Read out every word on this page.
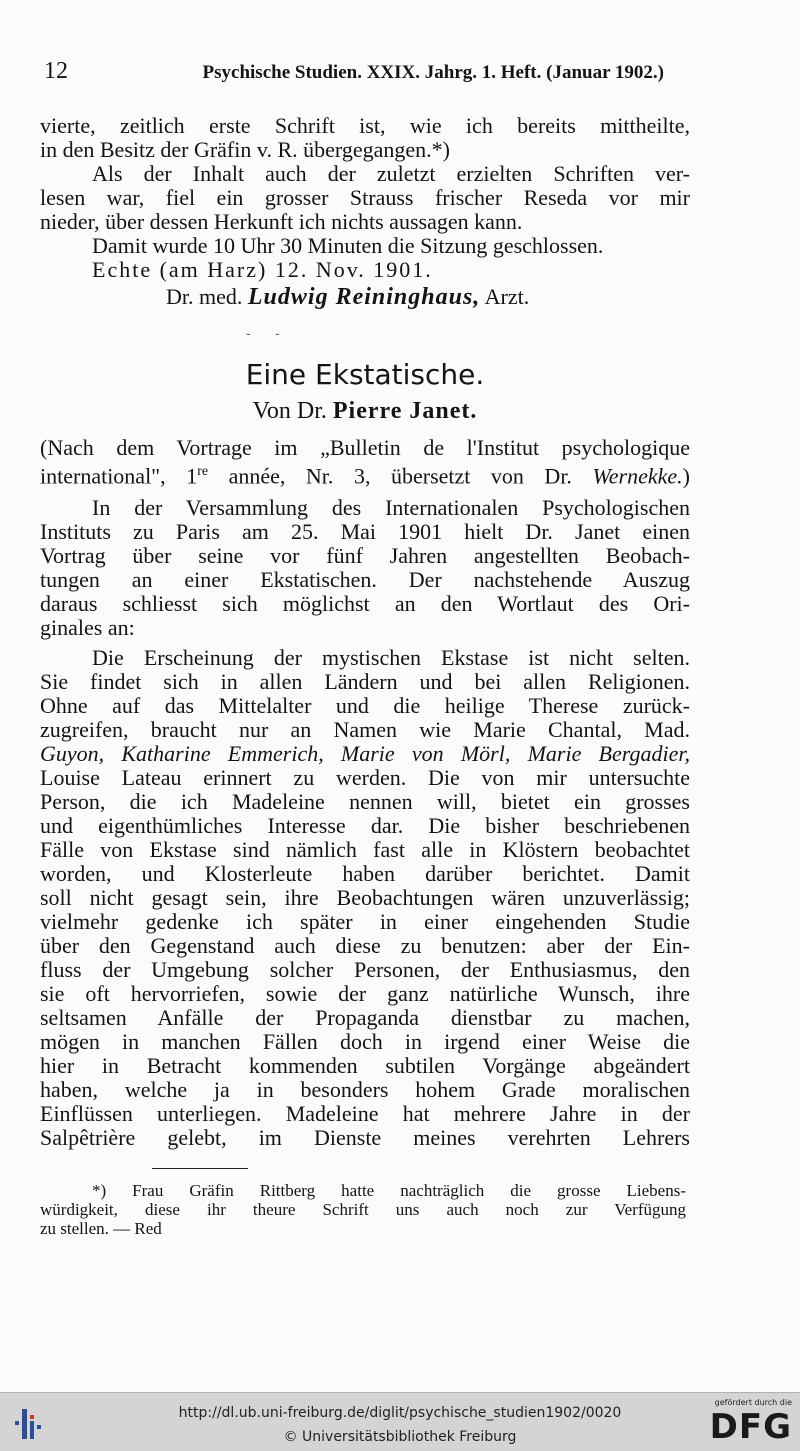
12	Psychische Studien. XXIX. Jahrg. 1. Heft. (Januar 1902.)
vierte, zeitlich erste Schrift ist, wie ich bereits mittheilte,
in den Besitz der Gräfin v. R. übergegangen.*)
Als der Inhalt auch der zuletzt erzielten Schriften ver-
lesen war, fiel ein grosser Strauss frischer Reseda vor mir
nieder, über dessen Herkunft ich nichts aussagen kann.
Damit wurde 10 Uhr 30 Minuten die Sitzung geschlossen.
Echte (am Harz) 12. Nov. 1901.
Dr. med. Ludwig Reininghaus, Arzt.
- -
Eine Ekstatische.
Von Dr. Pierre Janet.
(Nach dem Vortrage im „Bulletin de l'Institut psychologique
international", 1re année, Nr. 3, übersetzt von Dr. Wernekke.)
In der Versammlung des Internationalen Psychologischen
Instituts zu Paris am 25. Mai 1901 hielt Dr. Janet einen
Vortrag über seine vor fünf Jahren angestellten Beobach-
tungen an einer Ekstatischen. Der nachstehende Auszug
daraus schliesst sich möglichst an den Wortlaut des Ori-
ginales an:
Die Erscheinung der mystischen Ekstase ist nicht selten.
Sie findet sich in allen Ländern und bei allen Religionen.
Ohne auf das Mittelalter und die heilige Therese zurück-
zugreifen, braucht nur an Namen wie Marie Chantal, Mad.
Guyon, Katharine Emmerich, Marie von Mörl, Marie Bergadier,
Louise Lateau erinnert zu werden. Die von mir untersuchte
Person, die ich Madeleine nennen will, bietet ein grosses
und eigenthümliches Interesse dar. Die bisher beschriebenen
Fälle von Ekstase sind nämlich fast alle in Klöstern beobachtet
worden, und Klosterleute haben darüber berichtet. Damit
soll nicht gesagt sein, ihre Beobachtungen wären unzuverlässig;
vielmehr gedenke ich später in einer eingehenden Studie
über den Gegenstand auch diese zu benutzen: aber der Ein-
fluss der Umgebung solcher Personen, der Enthusiasmus, den
sie oft hervorriefen, sowie der ganz natürliche Wunsch, ihre
seltsamen Anfälle der Propaganda dienstbar zu machen,
mögen in manchen Fällen doch in irgend einer Weise die
hier in Betracht kommenden subtilen Vorgänge abgeändert
haben, welche ja in besonders hohem Grade moralischen
Einflüssen unterliegen. Madeleine hat mehrere Jahre in der
Salpêtrière gelebt, im Dienste meines verehrten Lehrers
*) Frau Gräfin Rittberg hatte nachträglich die grosse Liebens-
würdigkeit, diese ihr theure Schrift uns auch noch zur Verfügung
zu stellen. — Red
http://dl.ub.uni-freiburg.de/diglit/psychische_studien1902/0020
© Universitätsbibliothek Freiburg
gefördert durch die
DFG
